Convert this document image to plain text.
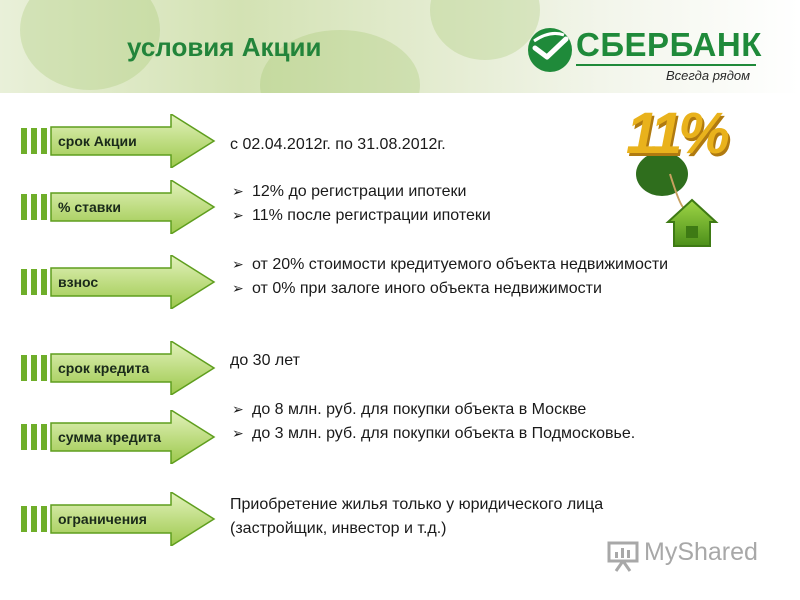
условия Акции	СБЕРБАНК
Всегда рядом
срок Акции
% ставки
взнос
срок кредита
сумма кредита
ограничения
с 02.04.2012г. по 31.08.2012г.
➢ 12% до регистрации ипотеки
➢ 11% после регистрации ипотеки
➢ от 20% стоимости кредитуемого объекта недвижимости
➢ от 0% при залоге иного объекта недвижимости
до 30 лет
➢ до 8 млн. руб. для покупки объекта в Москве
➢ до 3 млн. руб. для покупки объекта в Подмосковье.
Приобретение жилья только у юридического лица
(застройщик, инвестор и т.д.)
11%
MyShared
